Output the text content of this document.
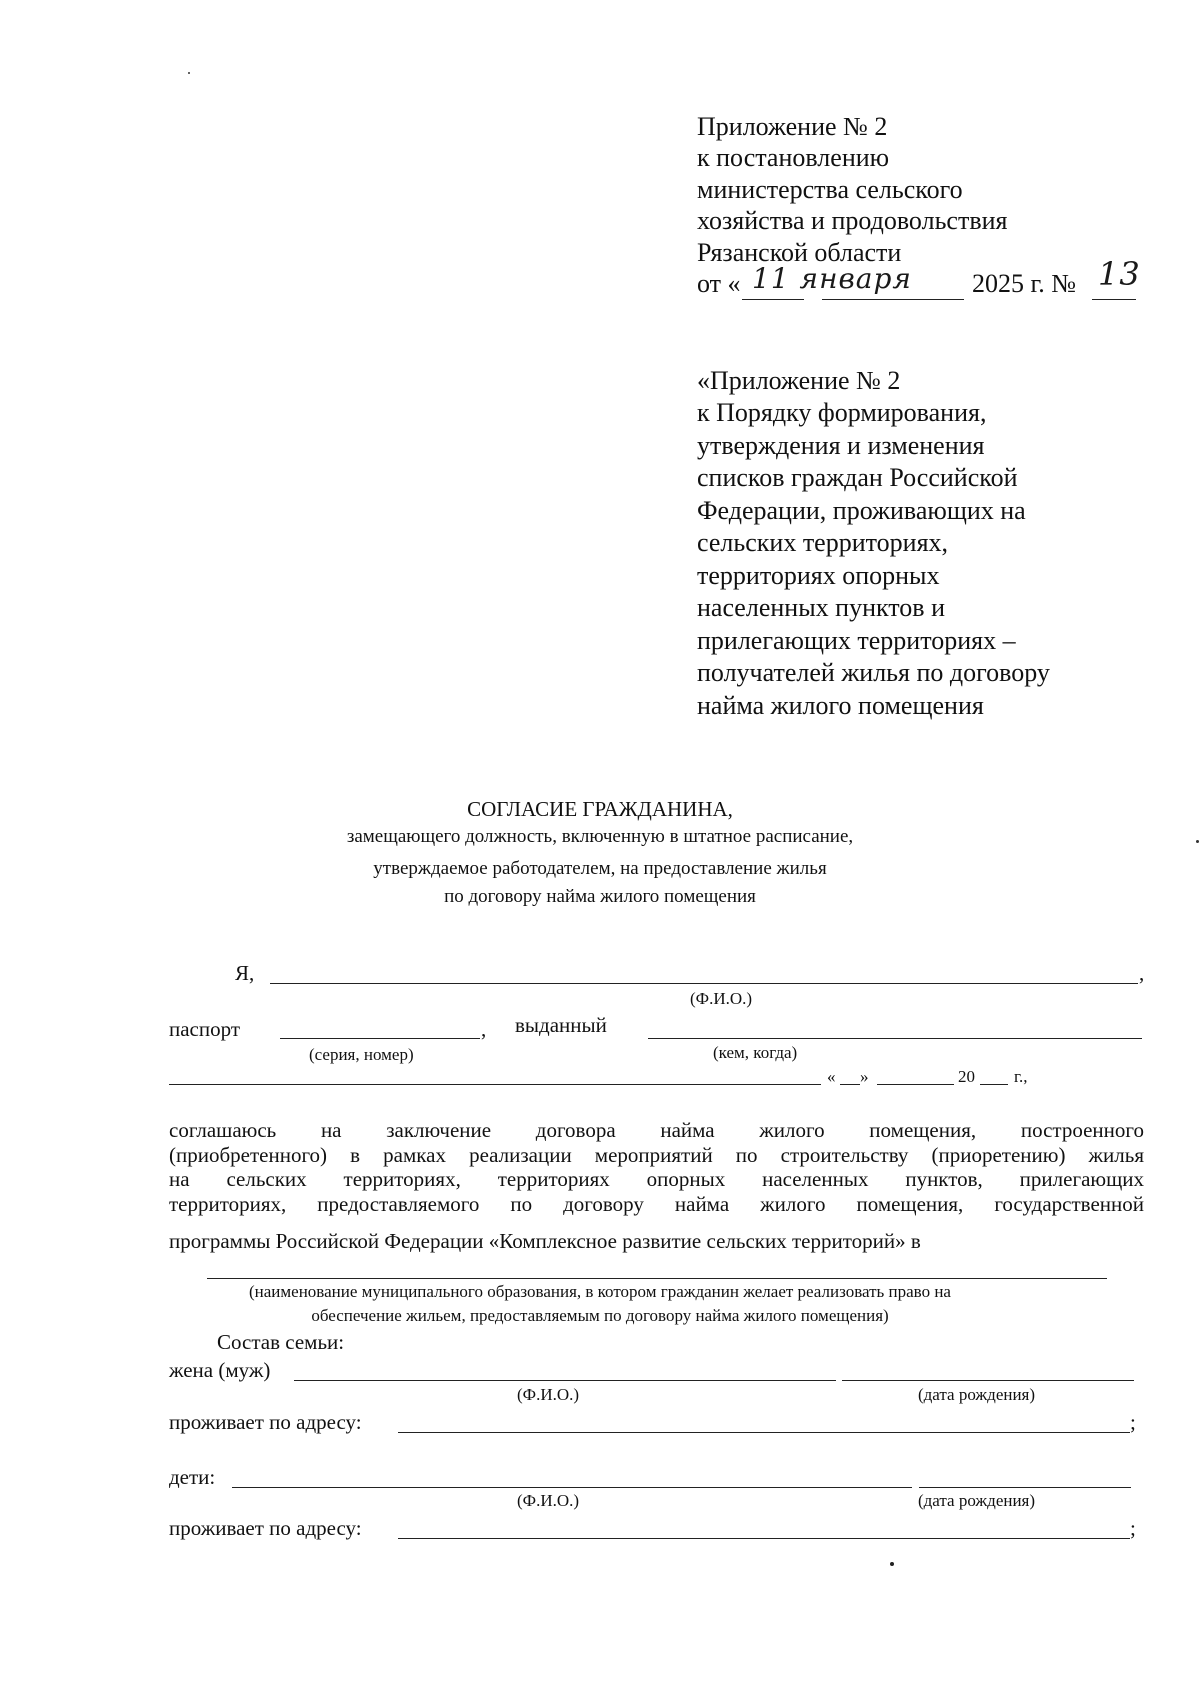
Приложение № 2
к постановлению
министерства сельского
хозяйства и продовольствия
Рязанской области
от « 11 января 2025 г. № 13
«Приложение № 2
к Порядку формирования,
утверждения и изменения
списков граждан Российской
Федерации, проживающих на
сельских территориях,
территориях опорных
населенных пунктов и
прилегающих территориях –
получателей жилья по договору
найма жилого помещения
СОГЛАСИЕ ГРАЖДАНИНА,
замещающего должность, включенную в штатное расписание,
утверждаемое работодателем, на предоставление жилья
по договору найма жилого помещения
Я,	,
(Ф.И.О.)
паспорт	, выданный
(серия, номер)	(кем, когда)
« »	20 г.,
соглашаюсь на заключение договора найма жилого помещения, построенного
(приобретенного) в рамках реализации мероприятий по строительству (приоретению) жилья
на сельских территориях, территориях опорных населенных пунктов, прилегающих
территориях, предоставляемого по договору найма жилого помещения, государственной
программы Российской Федерации «Комплексное развитие сельских территорий» в
(наименование муниципального образования, в котором гражданин желает реализовать право на
обеспечение жильем, предоставляемым по договору найма жилого помещения)
Состав семьи:
жена (муж)
(Ф.И.О.)	(дата рождения)
проживает по адресу:	;
дети:
(Ф.И.О.)	(дата рождения)
проживает по адресу:	;
